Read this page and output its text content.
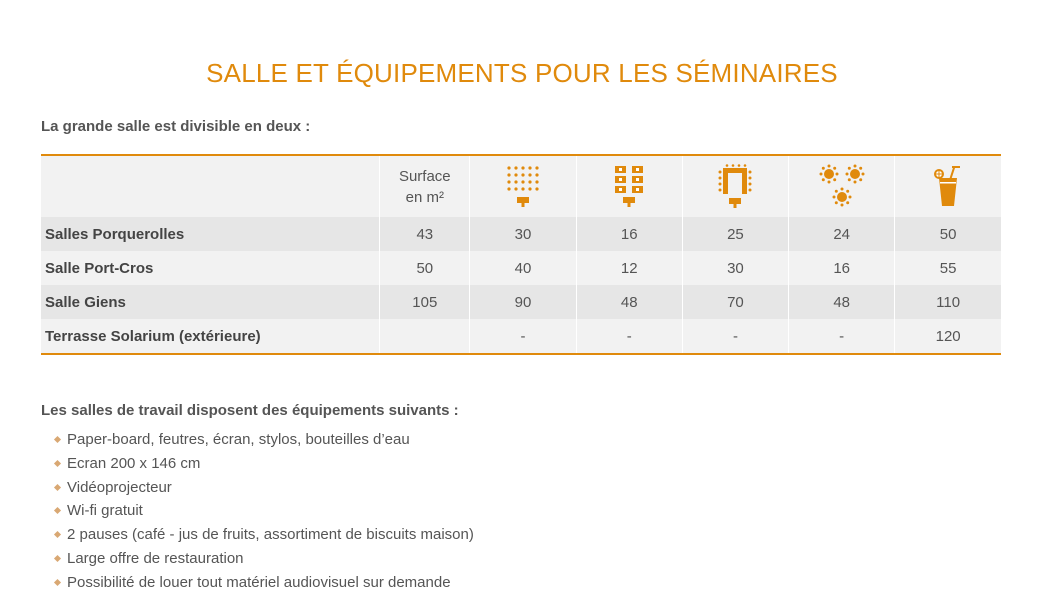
SALLE ET ÉQUIPEMENTS POUR LES SÉMINAIRES
La grande salle est divisible en deux :
	Surface
en m²	

Salles Porquerolles	43	30	16	25	24	50
Salle Port-Cros	50	40	12	30	16	55
Salle Giens	105	90	48	70	48	110
Terrasse Solarium (extérieure)		-	-	-	-	120
Les salles de travail disposent des équipements suivants :
Paper-board, feutres, écran, stylos, bouteilles d’eau
Ecran 200 x 146 cm
Vidéoprojecteur
Wi-fi gratuit
2 pauses (café - jus de fruits, assortiment de biscuits maison)
Large offre de restauration
Possibilité de louer tout matériel audiovisuel sur demande
